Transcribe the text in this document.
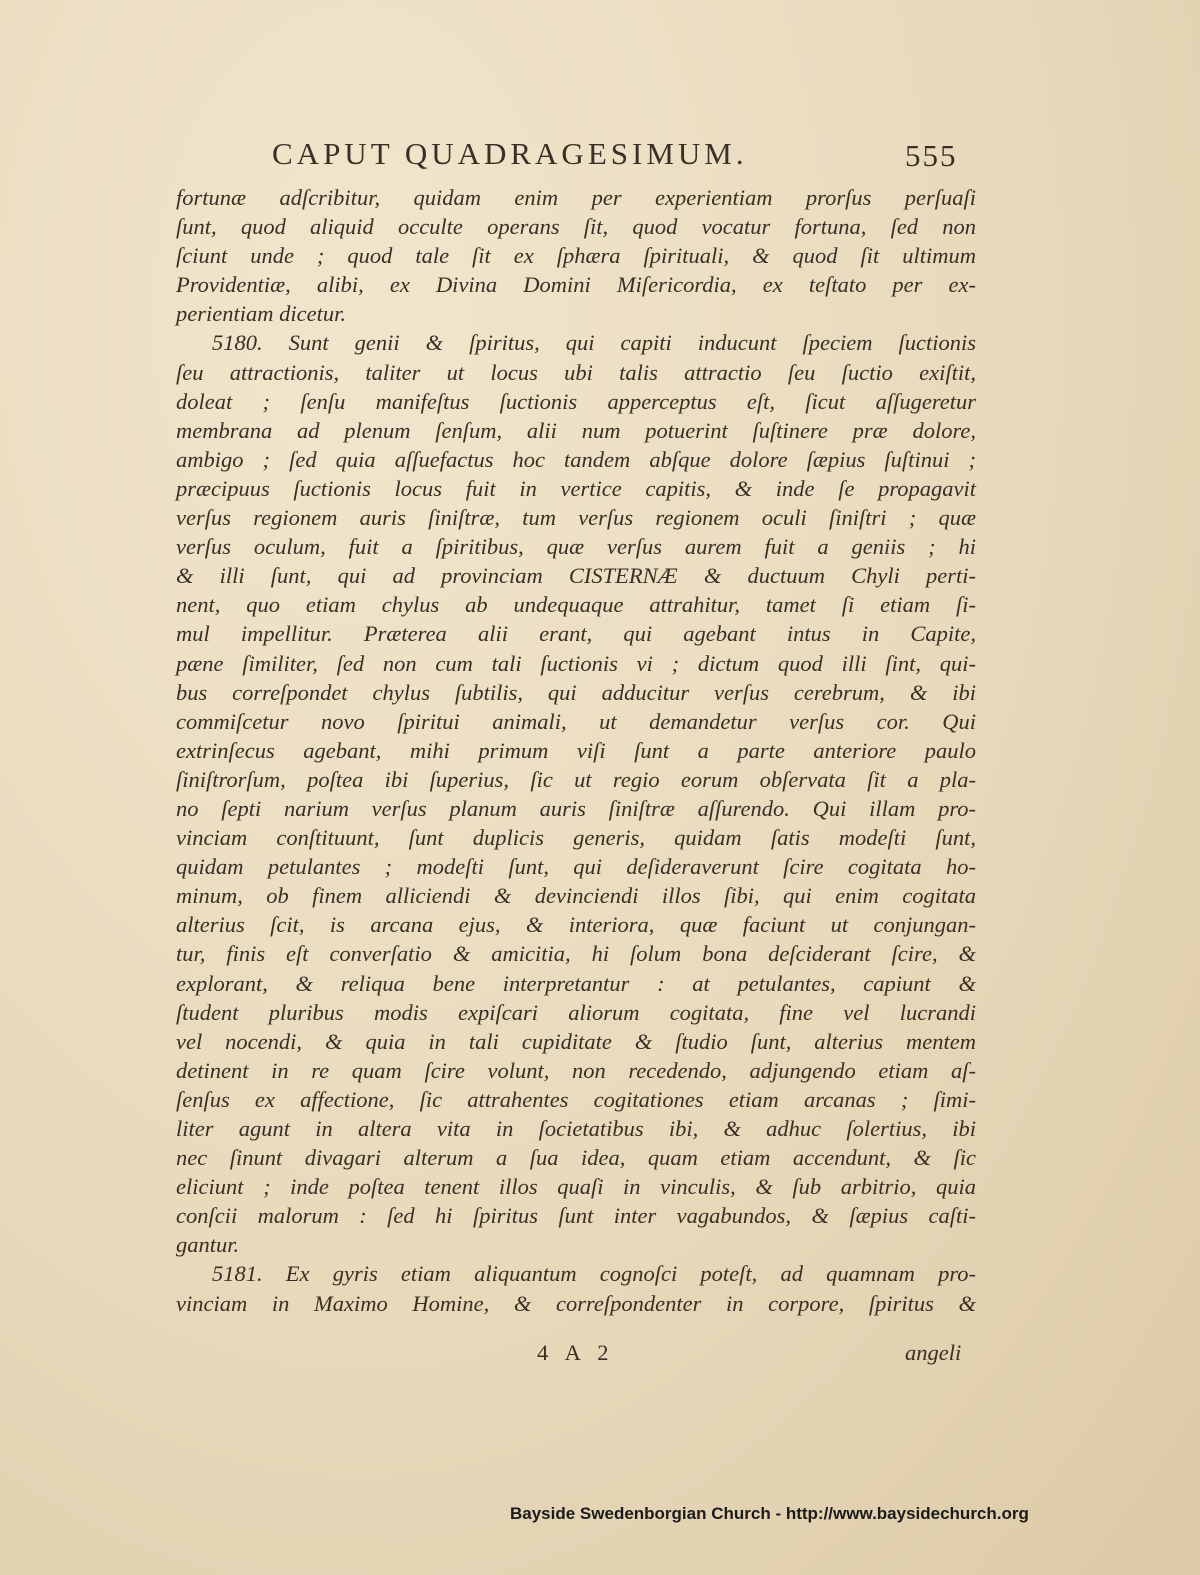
CAPUT QUADRAGESIMUM.	555
fortunæ adſcribitur, quidam enim per experientiam prorſus perſuaſi
ſunt, quod aliquid occulte operans ſit, quod vocatur fortuna, ſed non
ſciunt unde ; quod tale ſit ex ſphæra ſpirituali, & quod ſit ultimum
Providentiæ, alibi, ex Divina Domini Miſericordia, ex teſtato per ex-
perientiam dicetur.
5180. Sunt genii & ſpiritus, qui capiti inducunt ſpeciem ſuctionis
ſeu attractionis, taliter ut locus ubi talis attractio ſeu ſuctio exiſtit,
doleat ; ſenſu manifeſtus ſuctionis apperceptus eſt, ſicut aſſugeretur
membrana ad plenum ſenſum, alii num potuerint ſuſtinere præ dolore,
ambigo ; ſed quia aſſuefactus hoc tandem abſque dolore ſæpius ſuſtinui ;
præcipuus ſuctionis locus fuit in vertice capitis, & inde ſe propagavit
verſus regionem auris ſiniſtræ, tum verſus regionem oculi ſiniſtri ; quæ
verſus oculum, fuit a ſpiritibus, quæ verſus aurem fuit a geniis ; hi
& illi ſunt, qui ad provinciam CISTERNÆ & ductuum Chyli perti-
nent, quo etiam chylus ab undequaque attrahitur, tamet ſi etiam ſi-
mul impellitur. Præterea alii erant, qui agebant intus in Capite,
pæne ſimiliter, ſed non cum tali ſuctionis vi ; dictum quod illi ſint, qui-
bus correſpondet chylus ſubtilis, qui adducitur verſus cerebrum, & ibi
commiſcetur novo ſpiritui animali, ut demandetur verſus cor. Qui
extrinſecus agebant, mihi primum viſi ſunt a parte anteriore paulo
ſiniſtrorſum, poſtea ibi ſuperius, ſic ut regio eorum obſervata ſit a pla-
no ſepti narium verſus planum auris ſiniſtræ aſſurendo. Qui illam pro-
vinciam conſtituunt, ſunt duplicis generis, quidam ſatis modeſti ſunt,
quidam petulantes ; modeſti ſunt, qui deſideraverunt ſcire cogitata ho-
minum, ob finem alliciendi & devinciendi illos ſibi, qui enim cogitata
alterius ſcit, is arcana ejus, & interiora, quæ faciunt ut conjungan-
tur, finis eſt converſatio & amicitia, hi ſolum bona deſciderant ſcire, &
explorant, & reliqua bene interpretantur : at petulantes, capiunt &
ſtudent pluribus modis expiſcari aliorum cogitata, fine vel lucrandi
vel nocendi, & quia in tali cupiditate & ſtudio ſunt, alterius mentem
detinent in re quam ſcire volunt, non recedendo, adjungendo etiam aſ-
ſenſus ex affectione, ſic attrahentes cogitationes etiam arcanas ; ſimi-
liter agunt in altera vita in ſocietatibus ibi, & adhuc ſolertius, ibi
nec ſinunt divagari alterum a ſua idea, quam etiam accendunt, & ſic
eliciunt ; inde poſtea tenent illos quaſi in vinculis, & ſub arbitrio, quia
conſcii malorum : ſed hi ſpiritus ſunt inter vagabundos, & ſæpius caſti-
gantur.
5181. Ex gyris etiam aliquantum cognoſci poteſt, ad quamnam pro-
vinciam in Maximo Homine, & correſpondenter in corpore, ſpiritus &
4 A 2	angeli
Bayside Swedenborgian Church - http://www.baysidechurch.org
